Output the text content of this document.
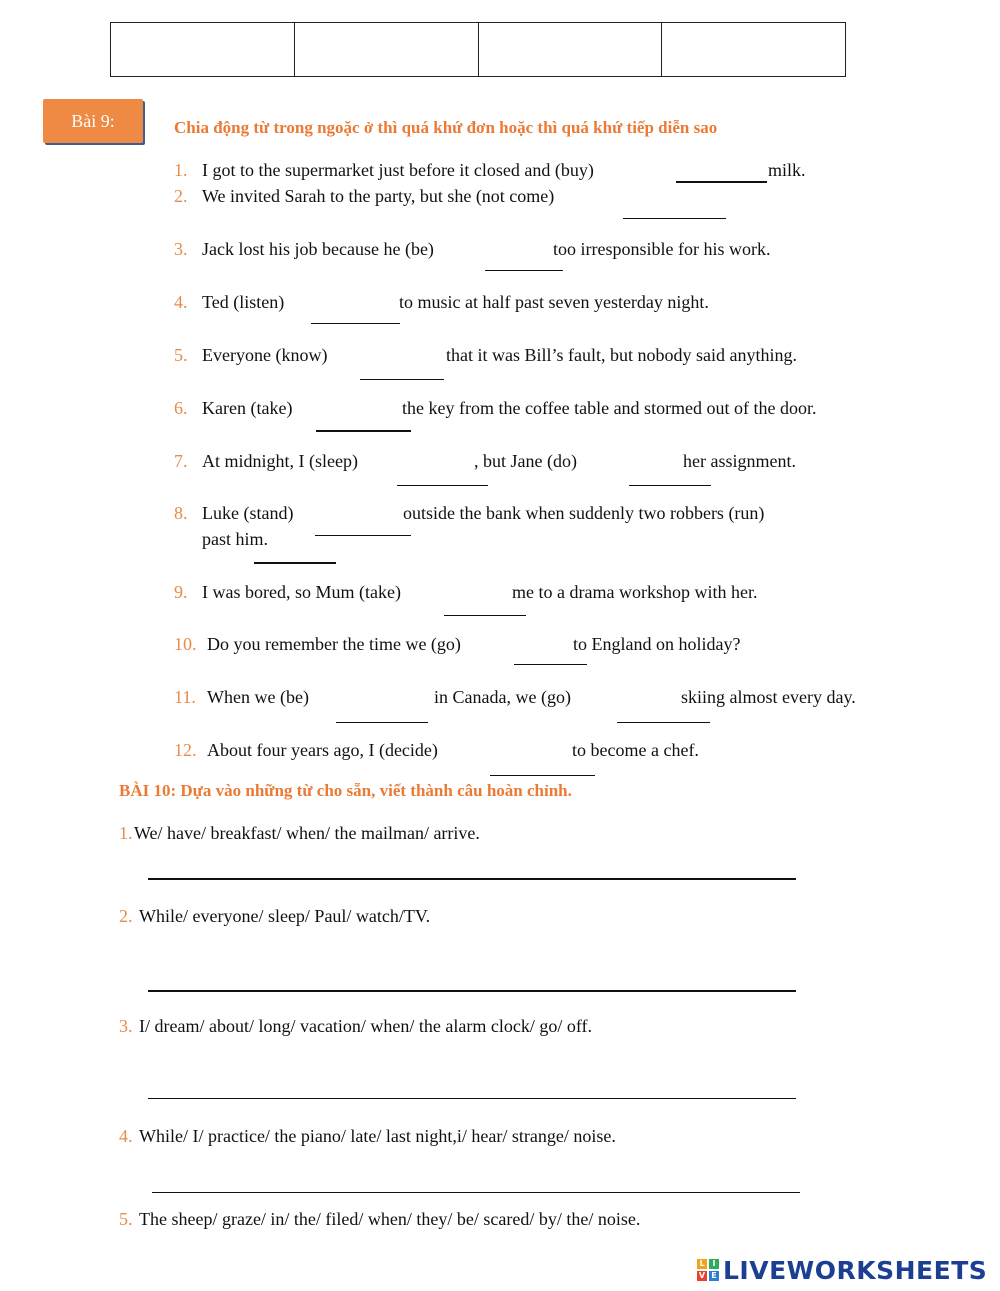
Bài 9:	Chia động từ trong ngoặc ở thì quá khứ đơn hoặc thì quá khứ tiếp diễn sao
1. I got to the supermarket just before it closed and (buy)	milk.
2. We invited Sarah to the party, but she (not come)
3. Jack lost his job because he (be)	too irresponsible for his work.
4. Ted (listen)	to music at half past seven yesterday night.
5. Everyone (know)	that it was Bill’s fault, but nobody said anything.
6. Karen (take)	the key from the coffee table and stormed out of the door.
7. At midnight, I (sleep)	, but Jane (do)	her assignment.
8. Luke (stand)	outside the bank when suddenly two robbers (run)
past him.
9. I was bored, so Mum (take)	me to a drama workshop with her.
10. Do you remember the time we (go)	to England on holiday?
11. When we (be)	in Canada, we (go)	skiing almost every day.
12. About four years ago, I (decide)	to become a chef.
BÀI 10: Dựa vào những từ cho sẵn, viết thành câu hoàn chỉnh.
1. We/ have/ breakfast/ when/ the mailman/ arrive.
2. While/ everyone/ sleep/ Paul/ watch/TV.
3. I/ dream/ about/ long/ vacation/ when/ the alarm clock/ go/ off.
4. While/ I/ practice/ the piano/ late/ last night,i/ hear/ strange/ noise.
5. The sheep/ graze/ in/ the/ filed/ when/ they/ be/ scared/ by/ the/ noise.
L I
V E LIVEWORKSHEETS
